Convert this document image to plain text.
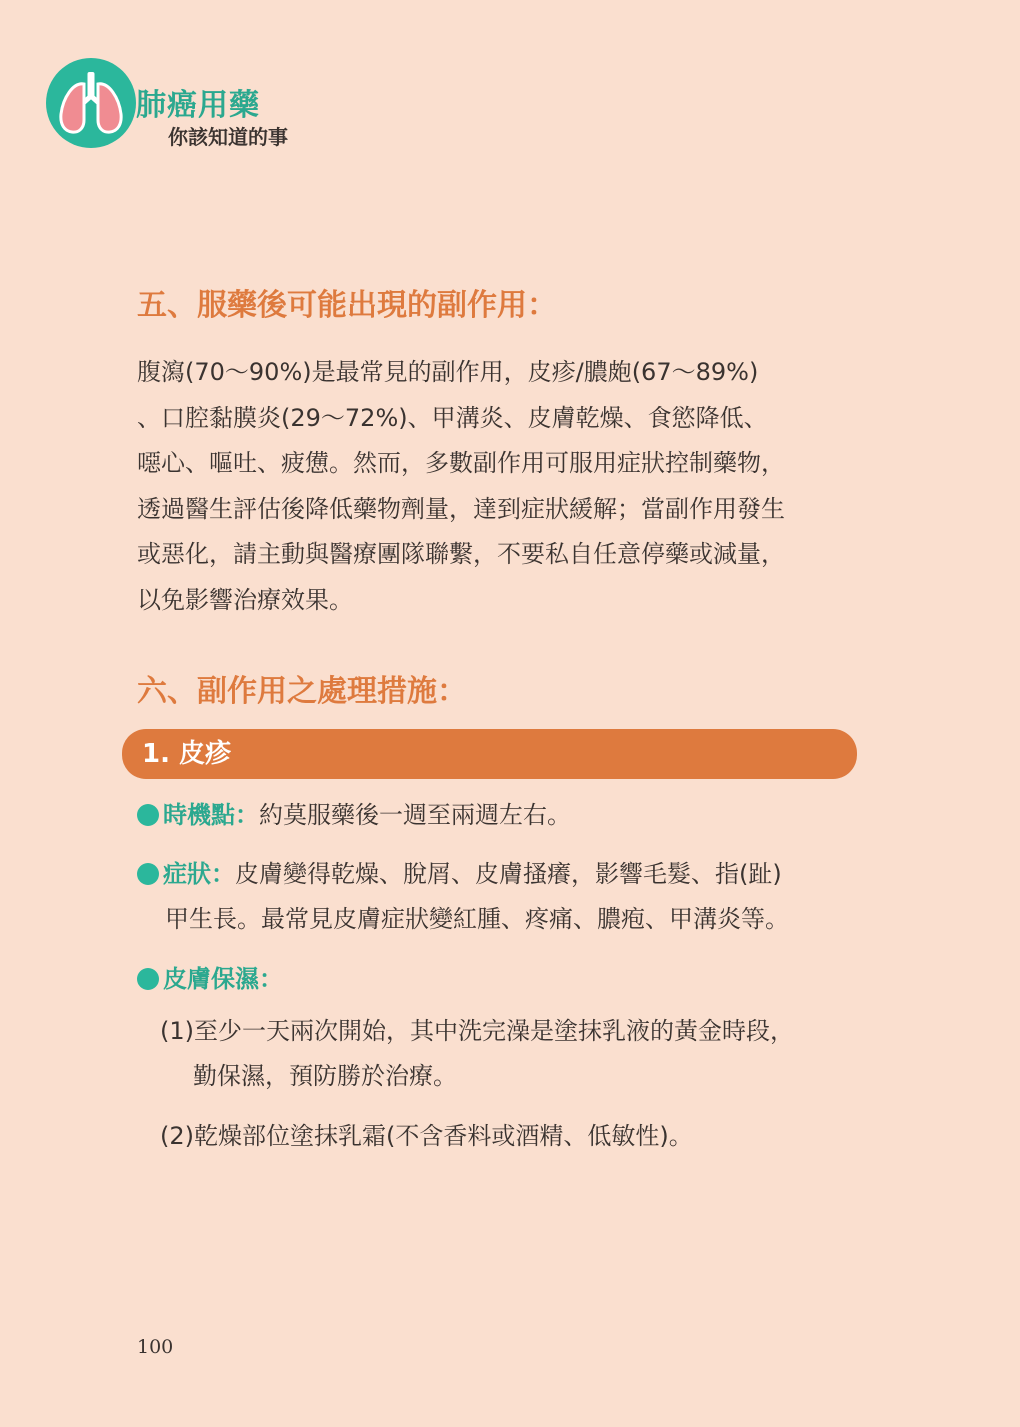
肺癌用藥
你該知道的事
五、服藥後可能出現的副作用：
腹瀉(70～90%)是最常見的副作用，皮疹/膿皰(67～89%)
、口腔黏膜炎(29～72%)、甲溝炎、皮膚乾燥、食慾降低、
噁心、嘔吐、疲憊。然而，多數副作用可服用症狀控制藥物，
透過醫生評估後降低藥物劑量，達到症狀緩解；當副作用發生
或惡化，請主動與醫療團隊聯繫，不要私自任意停藥或減量，
以免影響治療效果。
六、副作用之處理措施：
1. 皮疹
時機點：約莫服藥後一週至兩週左右。
症狀：皮膚變得乾燥、脫屑、皮膚搔癢，影響毛髮、指(趾)
甲生長。最常見皮膚症狀變紅腫、疼痛、膿疱、甲溝炎等。
皮膚保濕：
(1)至少一天兩次開始，其中洗完澡是塗抹乳液的黃金時段，
勤保濕，預防勝於治療。
(2)乾燥部位塗抹乳霜(不含香料或酒精、低敏性)。
100
